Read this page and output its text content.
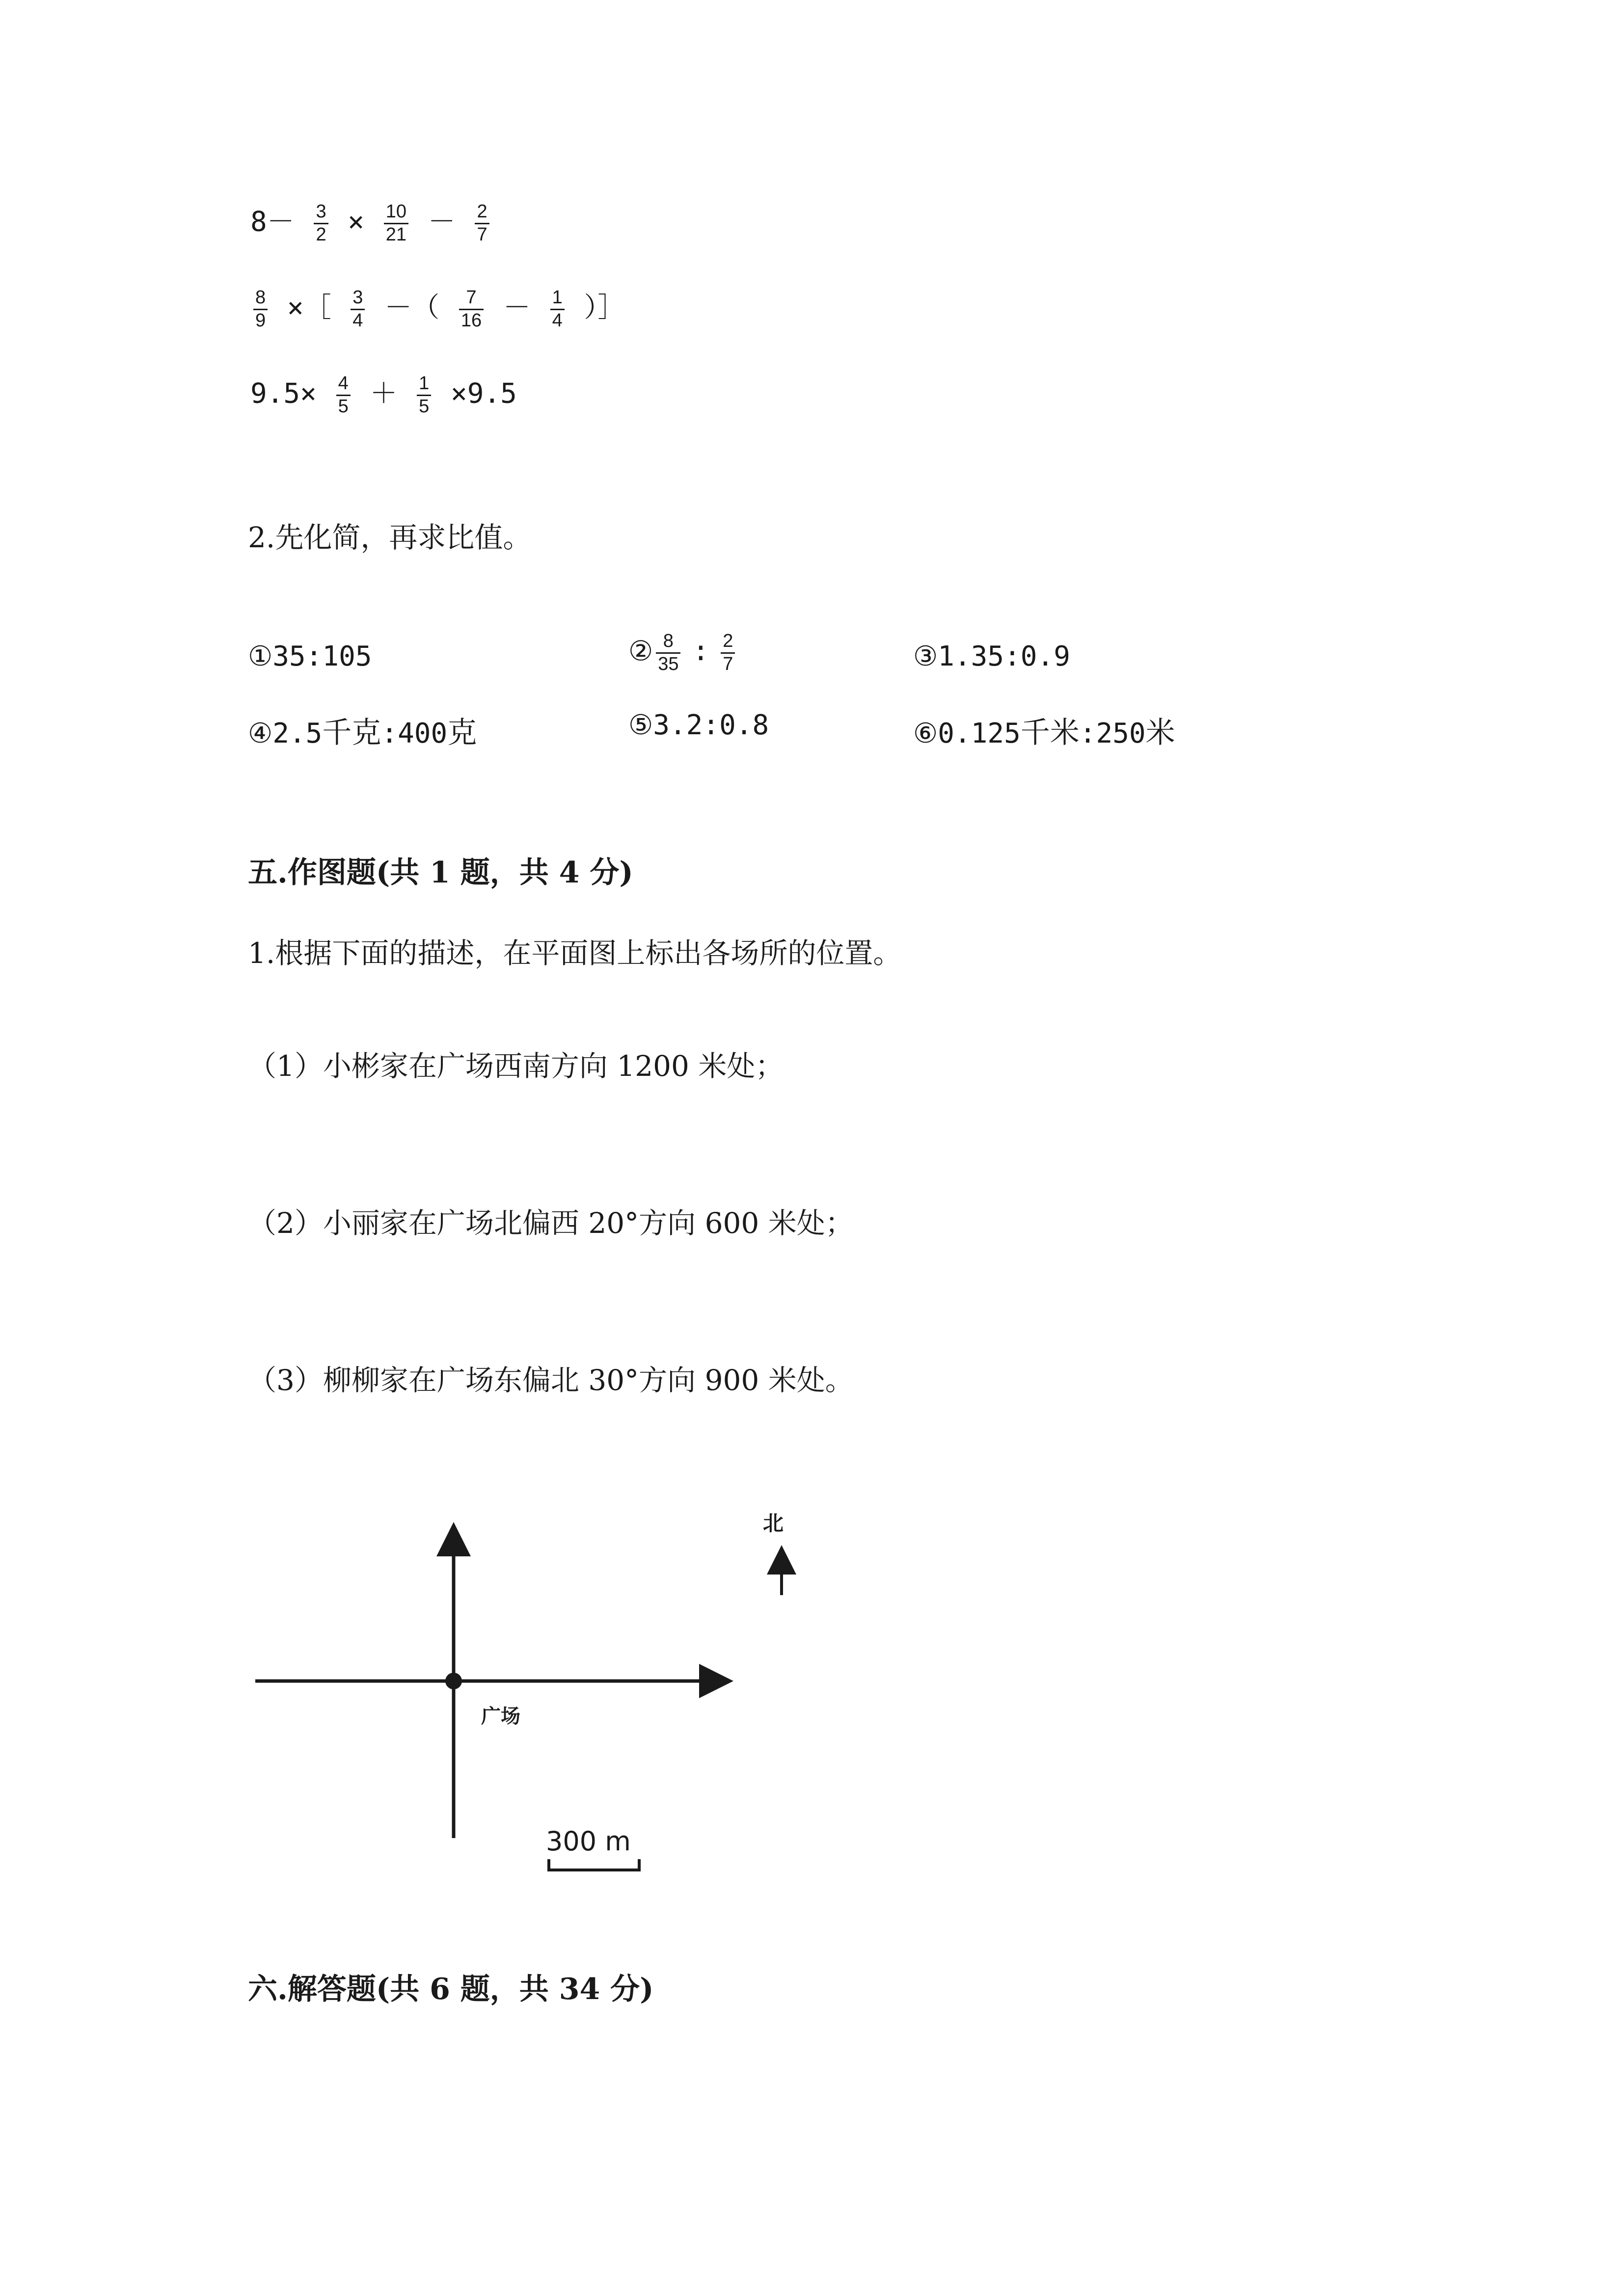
$8- \frac{3}{2} \times \frac{10}{21} - \frac{2}{7}$
$\frac{8}{9}$ ×［ $\frac{3}{4}$ －（ $\frac{7}{16} - \frac{1}{4}$ ）］
$9.5\times \frac{4}{5} + \frac{1}{5} \times 9.5$
2.先化简，再求比值。
①35:105	② $\frac{8}{35}$ : $\frac{2}{7}$	③1.35:0.9
④2.5千克:400克	⑤3.2:0.8	⑥0.125千米:250米
五.作图题(共 1 题，共 4 分)
1.根据下面的描述，在平面图上标出各场所的位置。
（1）小彬家在广场西南方向 1200 米处；
（2）小丽家在广场北偏西 20°方向 600 米处；
（3）柳柳家在广场东偏北 30°方向 900 米处。
广场
北
300 m
六.解答题(共 6 题，共 34 分)
